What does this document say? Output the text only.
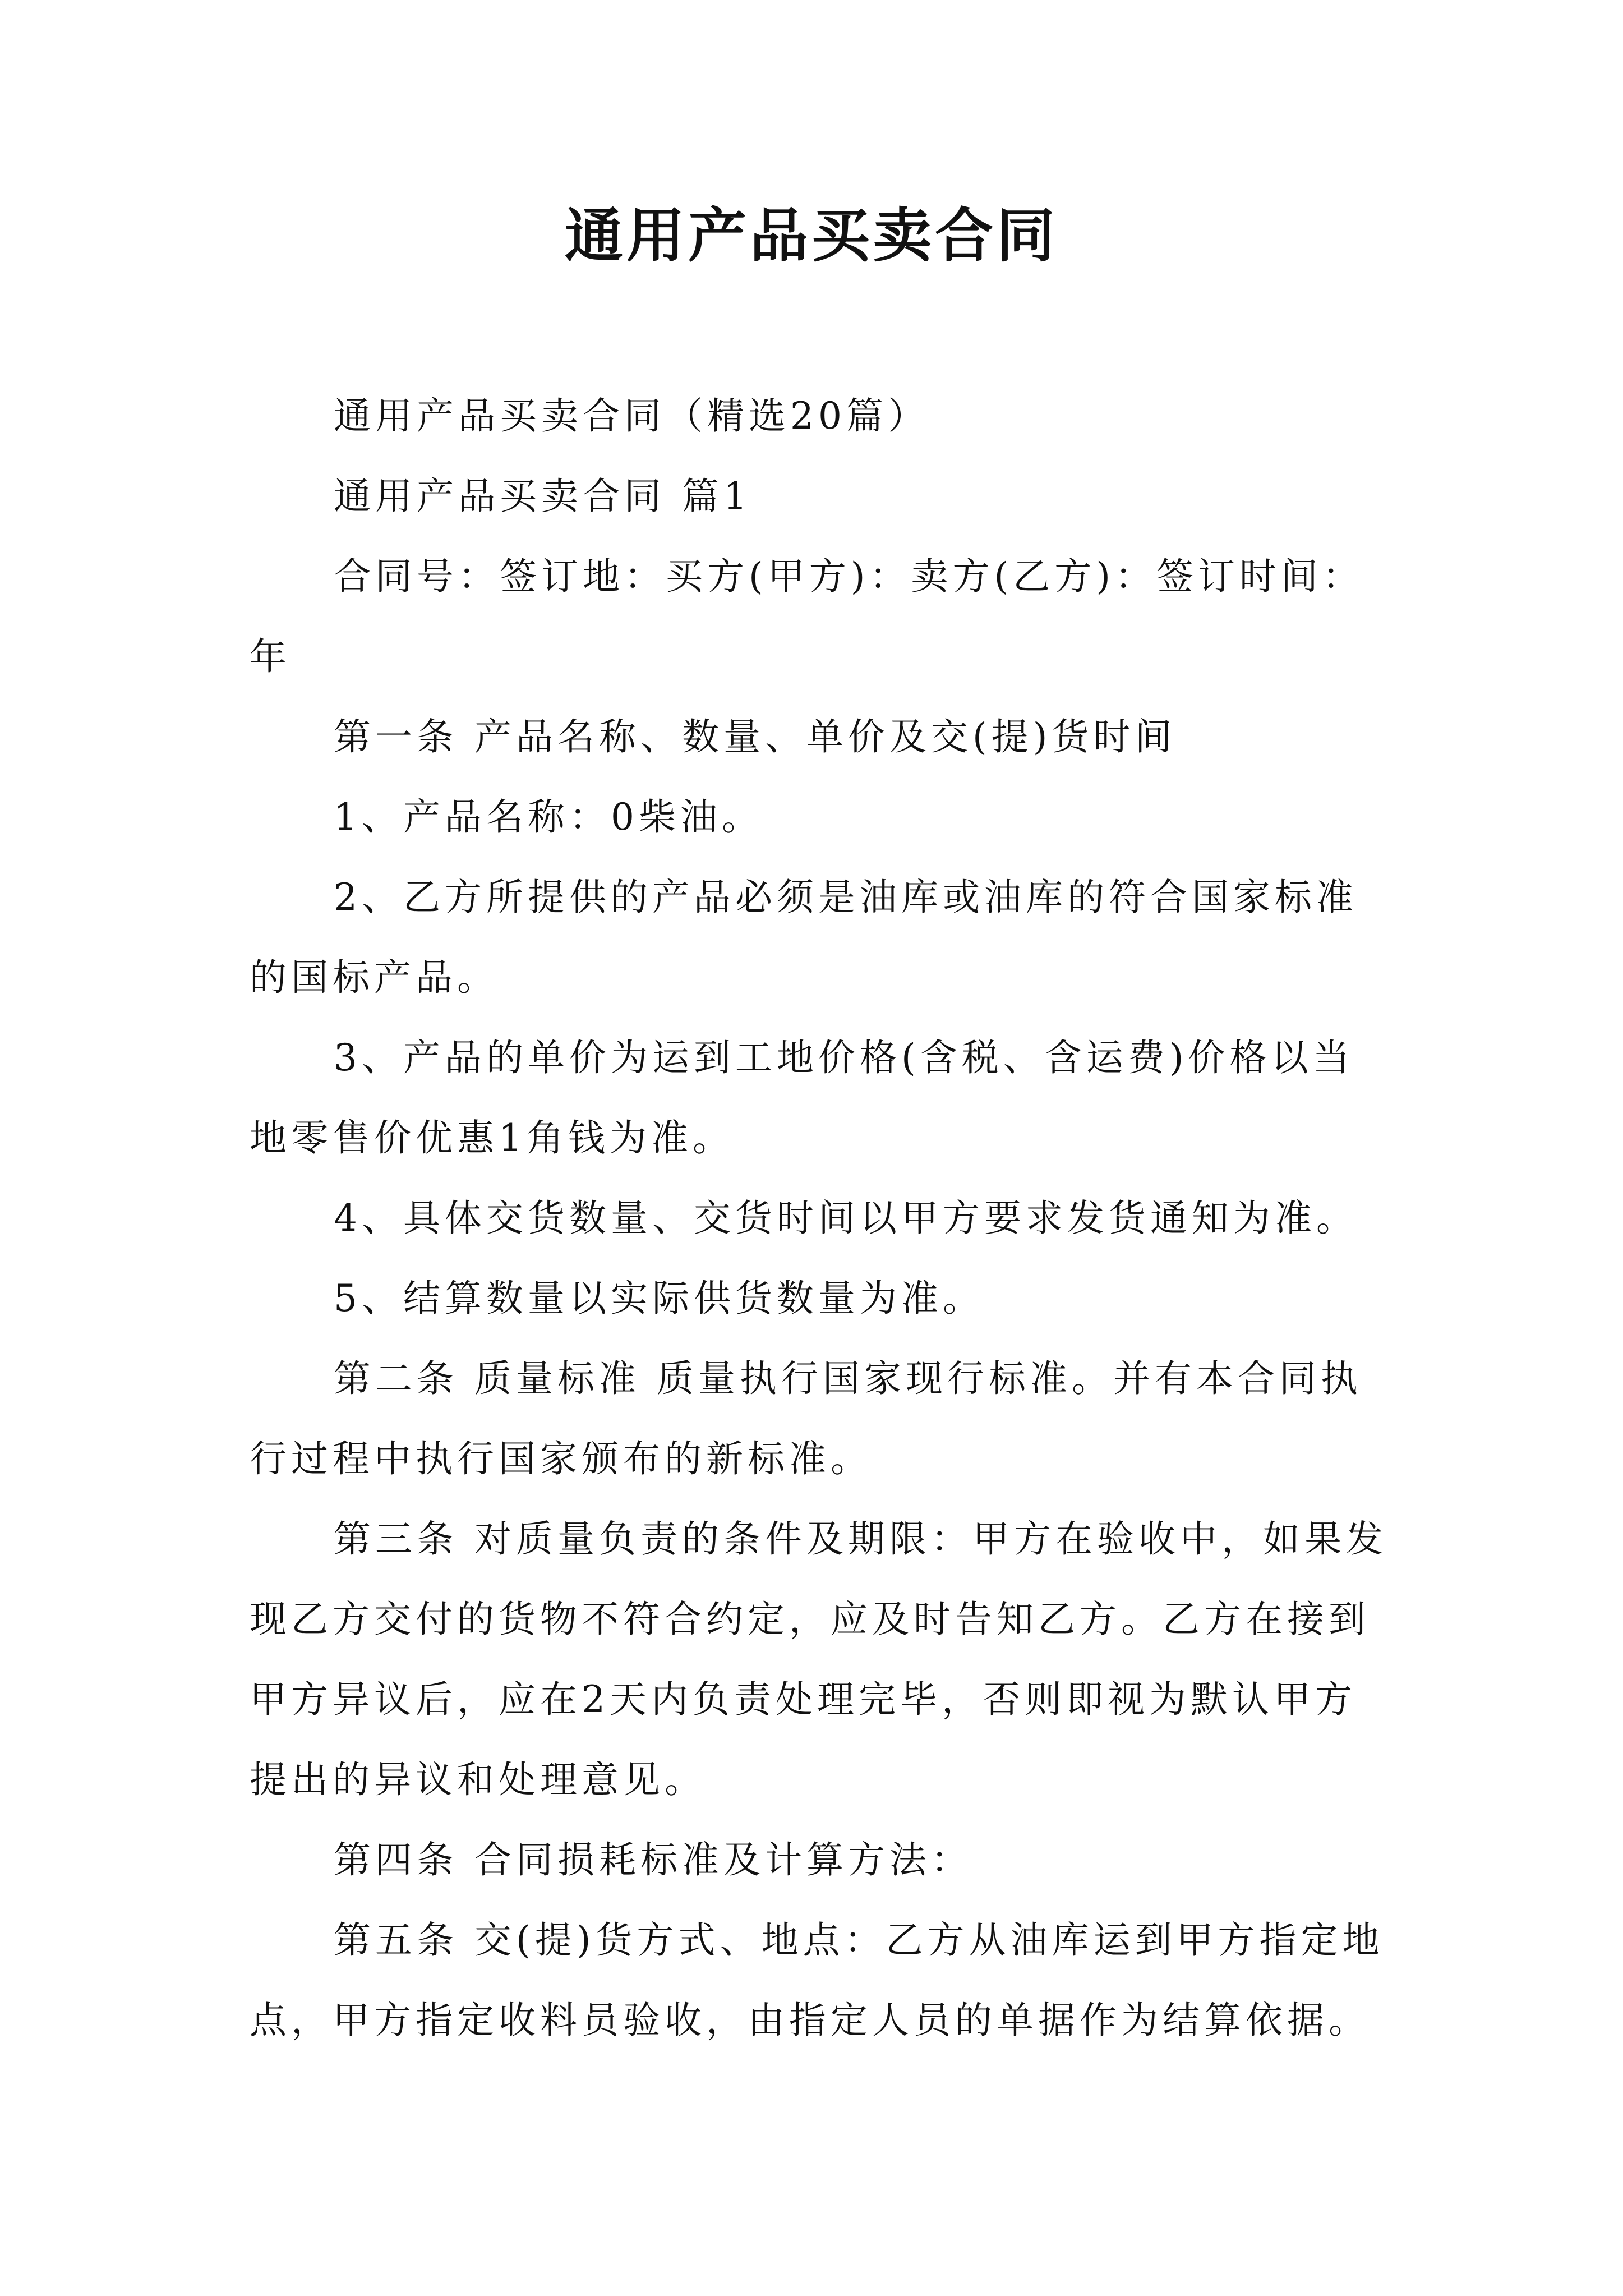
通用产品买卖合同

通用产品买卖合同（精选20篇）

通用产品买卖合同 篇1

合同号：签订地：买方(甲方)：卖方(乙方)：签订时间：年

第一条 产品名称、数量、单价及交(提)货时间

1、产品名称：0柴油。

2、乙方所提供的产品必须是油库或油库的符合国家标准的国标产品。

3、产品的单价为运到工地价格(含税、含运费)价格以当地零售价优惠1角钱为准。

4、具体交货数量、交货时间以甲方要求发货通知为准。

5、结算数量以实际供货数量为准。

第二条 质量标准 质量执行国家现行标准。并有本合同执行过程中执行国家颁布的新标准。

第三条 对质量负责的条件及期限：甲方在验收中，如果发现乙方交付的货物不符合约定，应及时告知乙方。乙方在接到甲方异议后，应在2天内负责处理完毕，否则即视为默认甲方提出的异议和处理意见。

第四条 合同损耗标准及计算方法：

第五条 交(提)货方式、地点：乙方从油库运到甲方指定地点，甲方指定收料员验收，由指定人员的单据作为结算依据。
